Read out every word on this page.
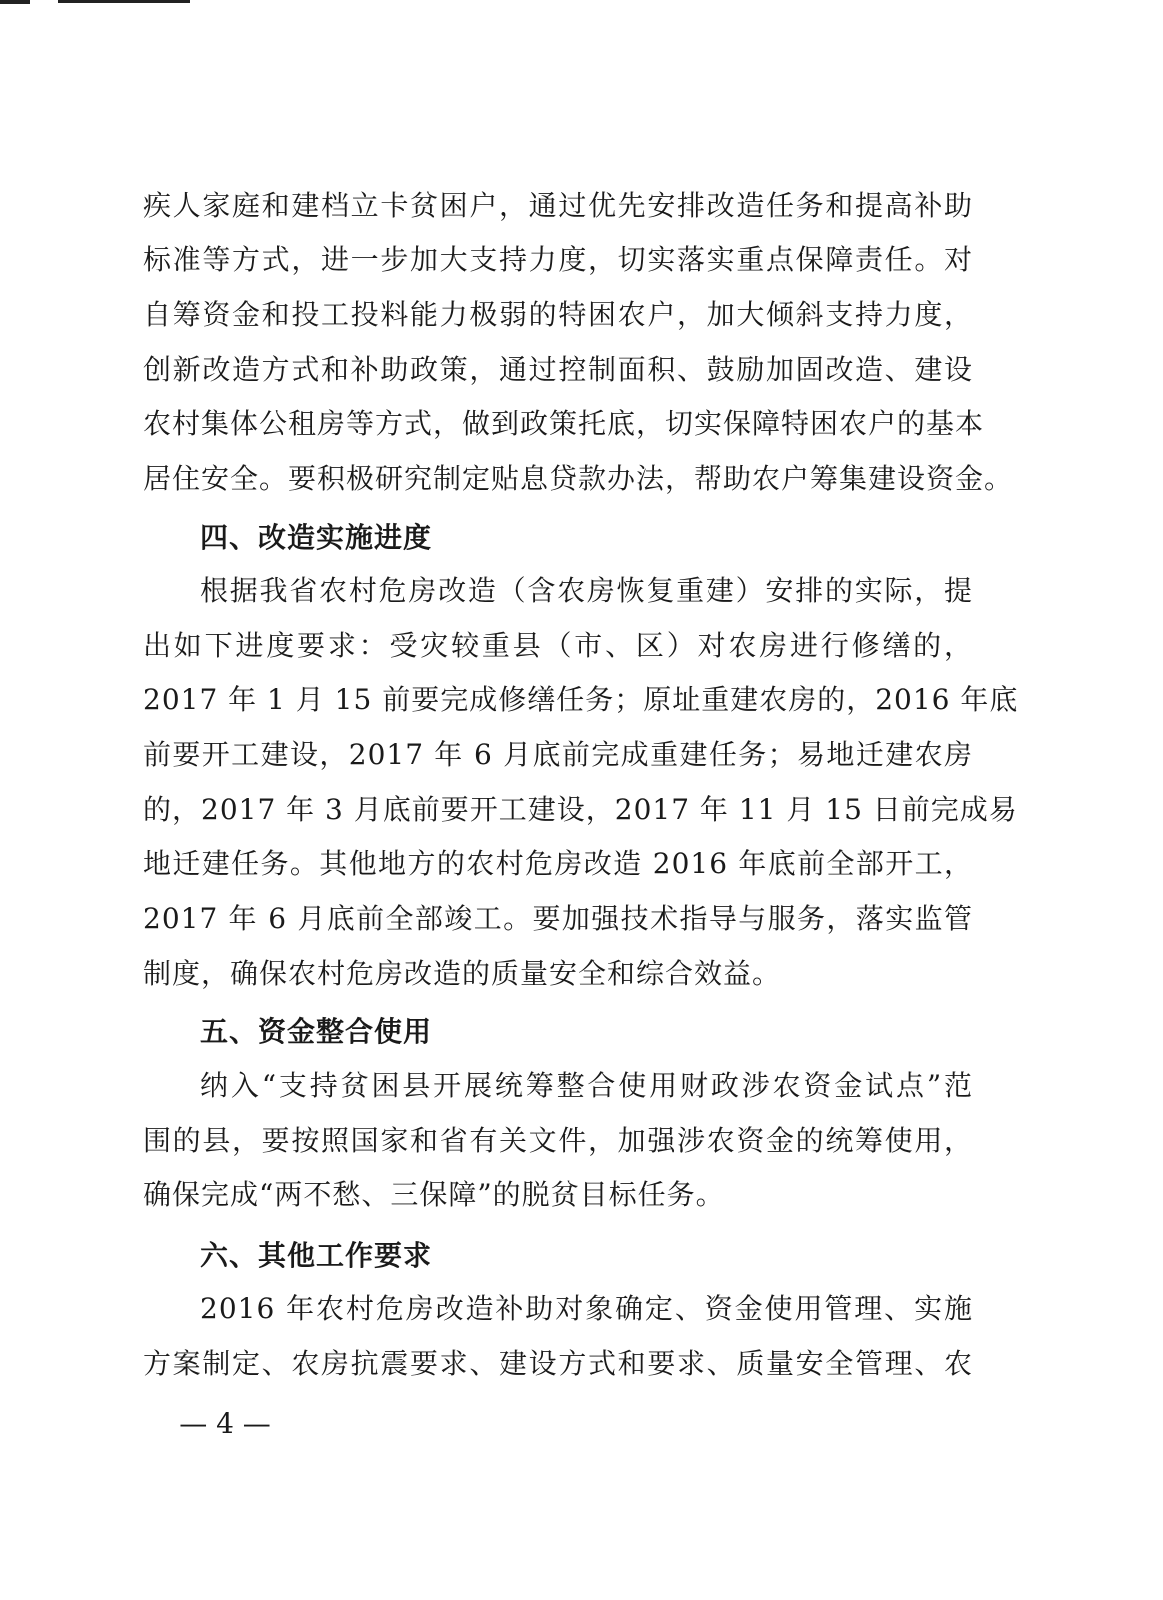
疾人家庭和建档立卡贫困户，通过优先安排改造任务和提高补助
标准等方式，进一步加大支持力度，切实落实重点保障责任。对
自筹资金和投工投料能力极弱的特困农户，加大倾斜支持力度，
创新改造方式和补助政策，通过控制面积、鼓励加固改造、建设
农村集体公租房等方式，做到政策托底，切实保障特困农户的基本
居住安全。要积极研究制定贴息贷款办法，帮助农户筹集建设资金。
四、改造实施进度
根据我省农村危房改造（含农房恢复重建）安排的实际，提
出如下进度要求：受灾较重县（市、区）对农房进行修缮的，
2017 年 1 月 15 前要完成修缮任务；原址重建农房的，2016 年底
前要开工建设，2017 年 6 月底前完成重建任务；易地迁建农房
的，2017 年 3 月底前要开工建设，2017 年 11 月 15 日前完成易
地迁建任务。其他地方的农村危房改造 2016 年底前全部开工，
2017 年 6 月底前全部竣工。要加强技术指导与服务，落实监管
制度，确保农村危房改造的质量安全和综合效益。
五、资金整合使用
纳入“支持贫困县开展统筹整合使用财政涉农资金试点”范
围的县，要按照国家和省有关文件，加强涉农资金的统筹使用，
确保完成“两不愁、三保障”的脱贫目标任务。
六、其他工作要求
2016 年农村危房改造补助对象确定、资金使用管理、实施
方案制定、农房抗震要求、建设方式和要求、质量安全管理、农
— 4 —
